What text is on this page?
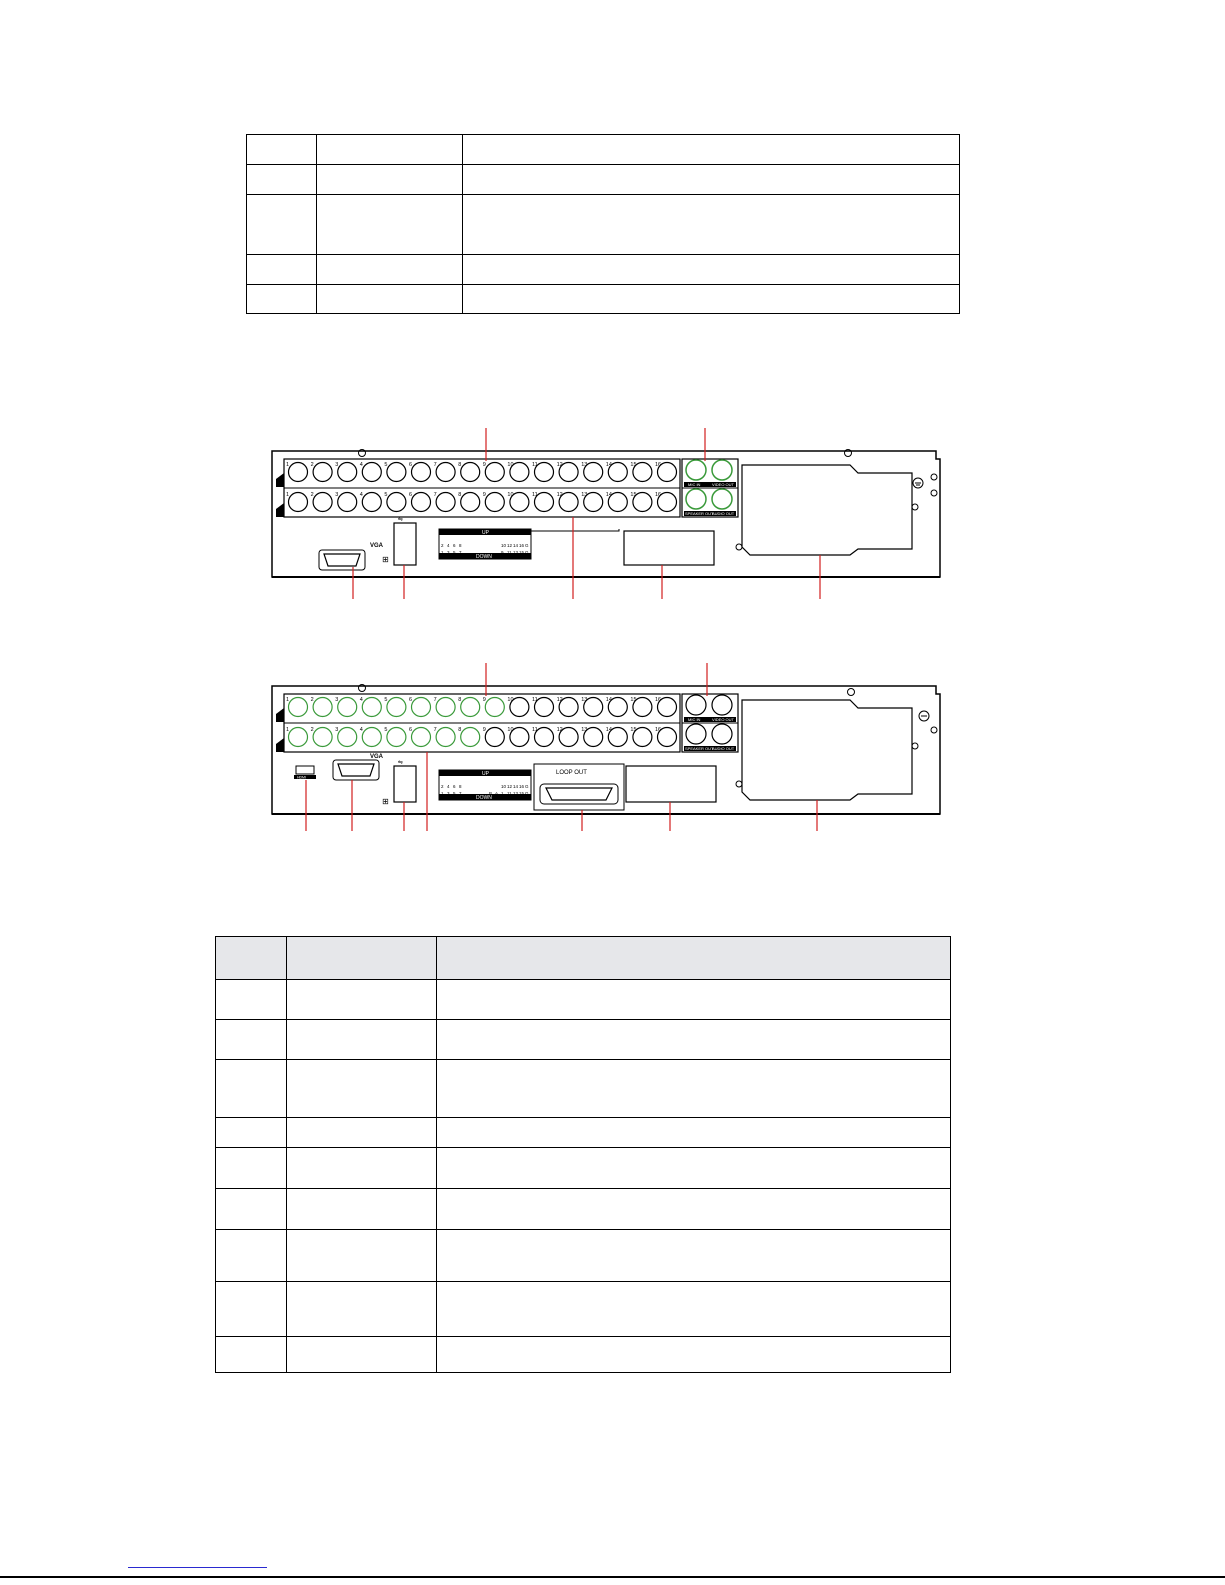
1
1
2
2
3
3
4
4
5
5
6
6
7
7
8
8
9
9
10
10
11
11
12
12
13
13
14
14
15
15
16
16
MIC IN	VIDEO OUT
SPEAKER OUT
AUDIO OUT
VGA
⊞
⇋
UP
DOWN
2 4 6 8	10 12 14 16 G
1 3 5 7	9 11 13 15 G
1
1
2
2
3
3
4
4
5
5
6
6
7
7
8
8
9
9
10
10
11
11
12
12
13
13
14
14
15
15
16
16
MIC IN	VIDEO OUT
SPEAKER OUT
AUDIO OUT
HDMI
VGA
⊞
⇋
UP
DOWN
2 4 6 8	10 12 14 16 G
1 3 5 7	B A 1 11 13 15 G
LOOP OUT
